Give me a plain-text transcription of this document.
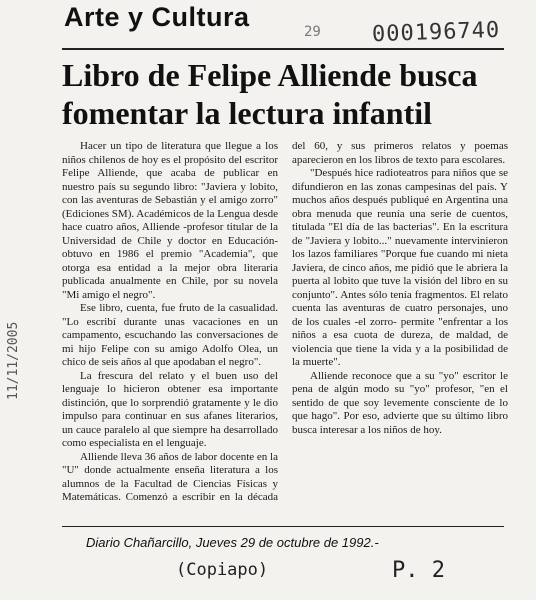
Arte y Cultura	29 000196740
11/11/2005
Libro de Felipe Alliende busca fomentar la lectura infantil

Hacer un tipo de literatura que llegue a los niños chilenos de hoy es el propósito del escritor Felipe Alliende, que acaba de publicar en nuestro país su segundo libro: "Javiera y lobito, con las aventuras de Sebastián y el amigo zorro" (Ediciones SM). Académicos de la Lengua desde hace cuatro años, Alliende -profesor titular de la Universidad de Chile y doctor en Educación- obtuvo en 1986 el premio "Academia", que otorga esa entidad a la mejor obra literaria publicada anualmente en Chile, por su novela "Mi amigo el negro".

Ese libro, cuenta, fue fruto de la casualidad. "Lo escribí durante unas vacaciones en un campamento, escuchando las conversaciones de mi hijo Felipe con su amigo Adolfo Olea, un chico de seis años al que apodaban el negro".

La frescura del relato y el buen uso del lenguaje lo hicieron obtener esa importante distinción, que lo sorprendió gratamente y le dio impulso para continuar en sus afanes literarios, un cauce paralelo al que siempre ha desarrollado como especialista en el lenguaje.

Alliende lleva 36 años de labor docente en la "U" donde actualmente enseña literatura a los alumnos de la Facultad de Ciencias Físicas y Matemáticas. Comenzó a escribir en la década del 60, y sus primeros relatos y poemas aparecieron en los libros de texto para escolares.

"Después hice radioteatros para niños que se difundieron en las zonas campesinas del país. Y muchos años después publiqué en Argentina una obra menuda que reunía una serie de cuentos, titulada "El día de las bacterias". En la escritura de "Javiera y lobito..." nuevamente intervinieron los lazos familiares "Porque fue cuando mi nieta Javiera, de cinco años, me pidió que le abriera la puerta al lobito que tuve la visión del libro en su conjunto". Antes sólo tenía fragmentos. El relato cuenta las aventuras de cuatro personajes, uno de los cuales -el zorro- permite "enfrentar a los niños a esa cuota de dureza, de maldad, de violencia que tiene la vida y a la posibilidad de la muerte".

Alliende reconoce que a su "yo" escritor le pena de algún modo su "yo" profesor, "en el sentido de que soy levemente consciente de lo que hago". Por eso, advierte que su último libro busca interesar a los niños de hoy.

Diario Chañarcillo, Jueves 29 de octubre de 1992.-
(Copiapo)	P. 2
